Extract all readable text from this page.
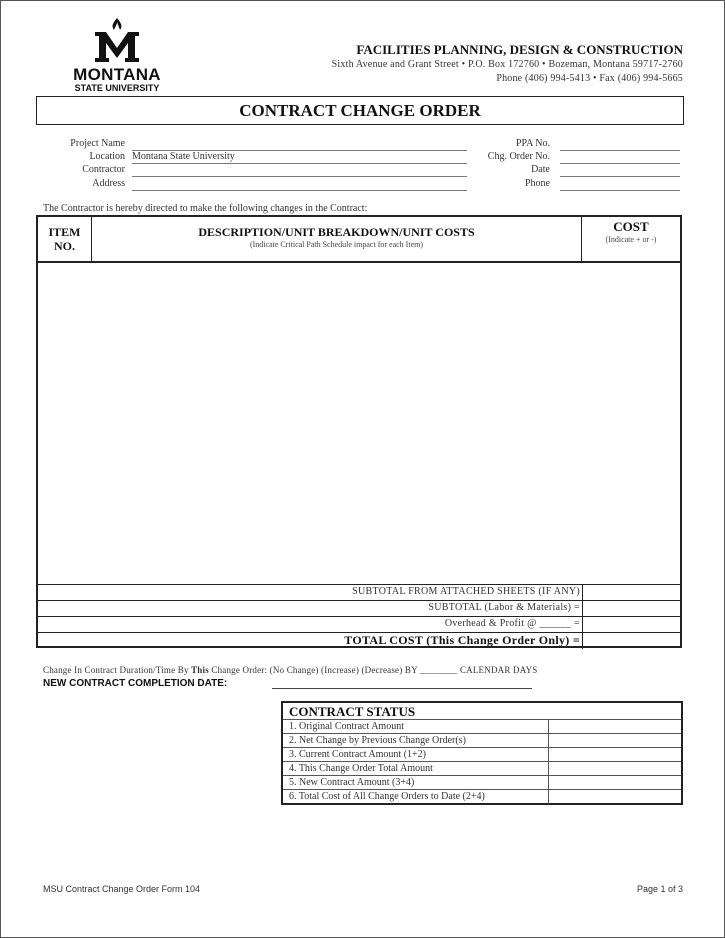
MONTANA
STATE UNIVERSITY
FACILITIES PLANNING, DESIGN & CONSTRUCTION
Sixth Avenue and Grant Street • P.O. Box 172760 • Bozeman, Montana 59717-2760
Phone (406) 994-5413 • Fax (406) 994-5665
CONTRACT CHANGE ORDER
Project Name
Location Montana State University
Contractor
Address
PPA No.
Chg. Order No.
Date
Phone
The Contractor is hereby directed to make the following changes in the Contract:
ITEM
NO.
DESCRIPTION/UNIT BREAKDOWN/UNIT COSTS
(Indicate Critical Path Schedule impact for each Item)
COST
(Indicate + or -)
SUBTOTAL FROM ATTACHED SHEETS (IF ANY)
SUBTOTAL (Labor & Materials) =
Overhead & Profit @ ______ =
TOTAL COST (This Change Order Only) =
Change In Contract Duration/Time By This Change Order: (No Change) (Increase) (Decrease) BY ________ CALENDAR DAYS
NEW CONTRACT COMPLETION DATE:
CONTRACT STATUS
1. Original Contract Amount
2. Net Change by Previous Change Order(s)
3. Current Contract Amount (1+2)
4. This Change Order Total Amount
5. New Contract Amount (3+4)
6. Total Cost of All Change Orders to Date (2+4)
MSU Contract Change Order Form 104	Page 1 of 3
